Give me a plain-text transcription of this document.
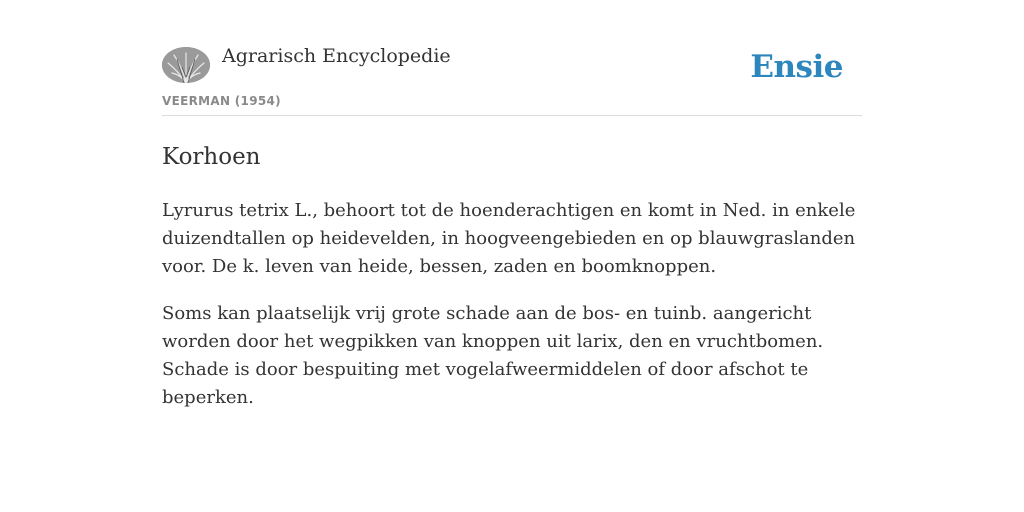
Agrarisch Encyclopedie
VEERMAN (1954)
Ensie
Korhoen

Lyrurus tetrix L., behoort tot de hoenderachtigen en komt in Ned. in enkele duizendtallen op heidevelden, in hoogveengebieden en op blauwgraslanden voor. De k. leven van heide, bessen, zaden en boomknoppen.

Soms kan plaatselijk vrij grote schade aan de bos- en tuinb. aangericht worden door het wegpikken van knoppen uit larix, den en vruchtbomen. Schade is door bespuiting met vogelafweermiddelen of door afschot te beperken.
